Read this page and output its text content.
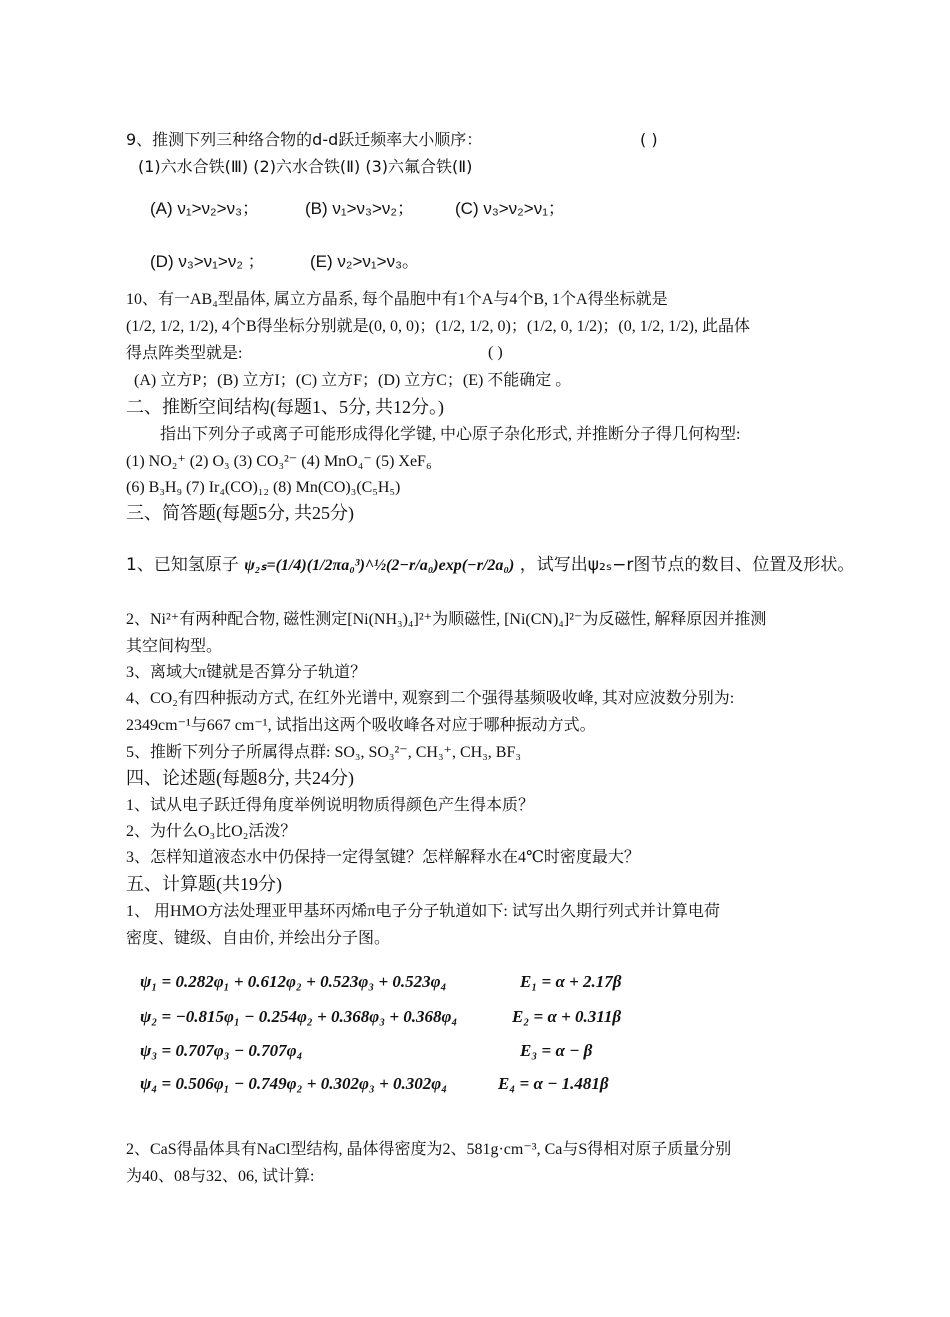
9、推测下列三种络合物的d-d跃迁频率大小顺序：	( )
(1)六水合铁(Ⅲ) (2)六水合铁(Ⅱ) (3)六氟合铁(Ⅱ)
(A) ν₁>ν₂>ν₃；	(B) ν₁>ν₃>ν₂； (C) ν₃>ν₂>ν₁；
(D) ν₃>ν₁>ν₂ ；	(E) ν₂>ν₁>ν₃。
10、有一AB₄型晶体, 属立方晶系, 每个晶胞中有1个A与4个B, 1个A得坐标就是
(1/2, 1/2, 1/2), 4个B得坐标分别就是(0, 0, 0)；(1/2, 1/2, 0)；(1/2, 0, 1/2)；(0, 1/2, 1/2), 此晶体
得点阵类型就是:	( )
(A) 立方P；(B) 立方I；(C) 立方F；(D) 立方C；(E) 不能确定 。
二、推断空间结构(每题1、5分, 共12分。)
指出下列分子或离子可能形成得化学键, 中心原子杂化形式, 并推断分子得几何构型:
(1) NO₂⁺ (2) O₃ (3) CO₃²⁻ (4) MnO₄⁻ (5) XeF₆
(6) B₃H₉ (7) Ir₄(CO)₁₂ (8) Mn(CO)₃(C₅H₅)
三、简答题(每题5分, 共25分)
1、已知氢原子 ψ₂ₛ=(1/4)(1/2πa₀³)^½(2−r/a₀)exp(−r/2a₀) ，试写出ψ₂ₛ−r图节点的数目、位置及形状。
2、Ni²⁺有两种配合物, 磁性测定[Ni(NH₃)₄]²⁺为顺磁性, [Ni(CN)₄]²⁻为反磁性, 解释原因并推测
其空间构型。
3、离域大π键就是否算分子轨道？
4、CO₂有四种振动方式, 在红外光谱中, 观察到二个强得基频吸收峰, 其对应波数分别为:
2349cm⁻¹与667 cm⁻¹, 试指出这两个吸收峰各对应于哪种振动方式。
5、推断下列分子所属得点群: SO₃, SO₃²⁻, CH₃⁺, CH₃, BF₃
四、论述题(每题8分, 共24分)
1、试从电子跃迁得角度举例说明物质得颜色产生得本质？
2、为什么O₃比O₂活泼？
3、怎样知道液态水中仍保持一定得氢键？怎样解释水在4℃时密度最大？
五、计算题(共19分)
1、 用HMO方法处理亚甲基环丙烯π电子分子轨道如下: 试写出久期行列式并计算电荷
密度、键级、自由价, 并绘出分子图。
ψ₁ = 0.282φ₁ + 0.612φ₂ + 0.523φ₃ + 0.523φ₄	E₁ = α + 2.17β
ψ₂ = −0.815φ₁ − 0.254φ₂ + 0.368φ₃ + 0.368φ₄	E₂ = α + 0.311β
ψ₃ = 0.707φ₃ − 0.707φ₄	E₃ = α − β
ψ₄ = 0.506φ₁ − 0.749φ₂ + 0.302φ₃ + 0.302φ₄	E₄ = α − 1.481β
2、CaS得晶体具有NaCl型结构, 晶体得密度为2、581g·cm⁻³, Ca与S得相对原子质量分别
为40、08与32、06, 试计算:
